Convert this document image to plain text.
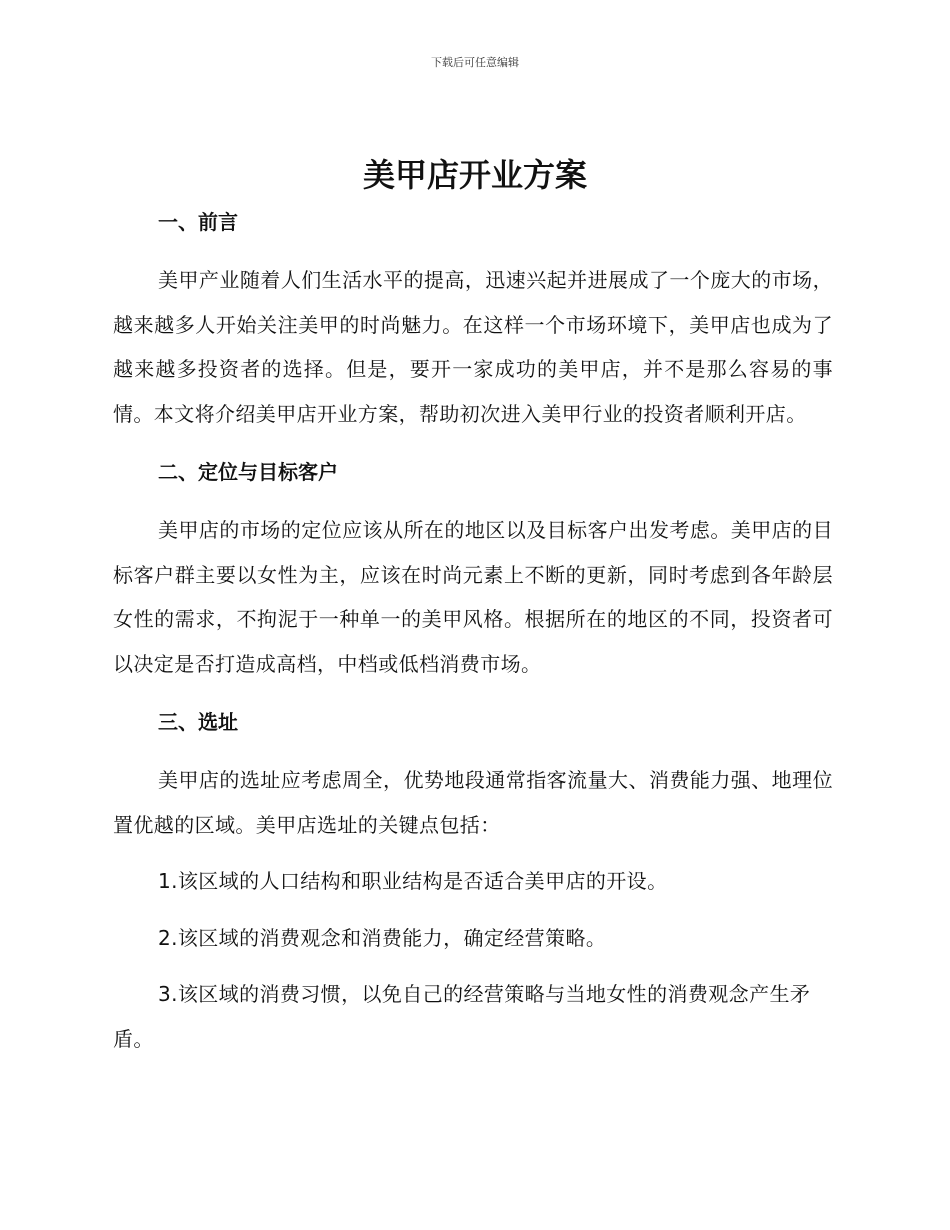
下载后可任意编辑
美甲店开业方案
一、前言

美甲产业随着人们生活水平的提高，迅速兴起并进展成了一个庞大的市场，越来越多人开始关注美甲的时尚魅力。在这样一个市场环境下，美甲店也成为了越来越多投资者的选择。但是，要开一家成功的美甲店，并不是那么容易的事情。本文将介绍美甲店开业方案，帮助初次进入美甲行业的投资者顺利开店。

二、定位与目标客户

美甲店的市场的定位应该从所在的地区以及目标客户出发考虑。美甲店的目标客户群主要以女性为主，应该在时尚元素上不断的更新，同时考虑到各年龄层女性的需求，不拘泥于一种单一的美甲风格。根据所在的地区的不同，投资者可以决定是否打造成高档，中档或低档消费市场。

三、选址

美甲店的选址应考虑周全，优势地段通常指客流量大、消费能力强、地理位置优越的区域。美甲店选址的关键点包括：

1.该区域的人口结构和职业结构是否适合美甲店的开设。

2.该区域的消费观念和消费能力，确定经营策略。

3.该区域的消费习惯，以免自己的经营策略与当地女性的消费观念产生矛盾。
